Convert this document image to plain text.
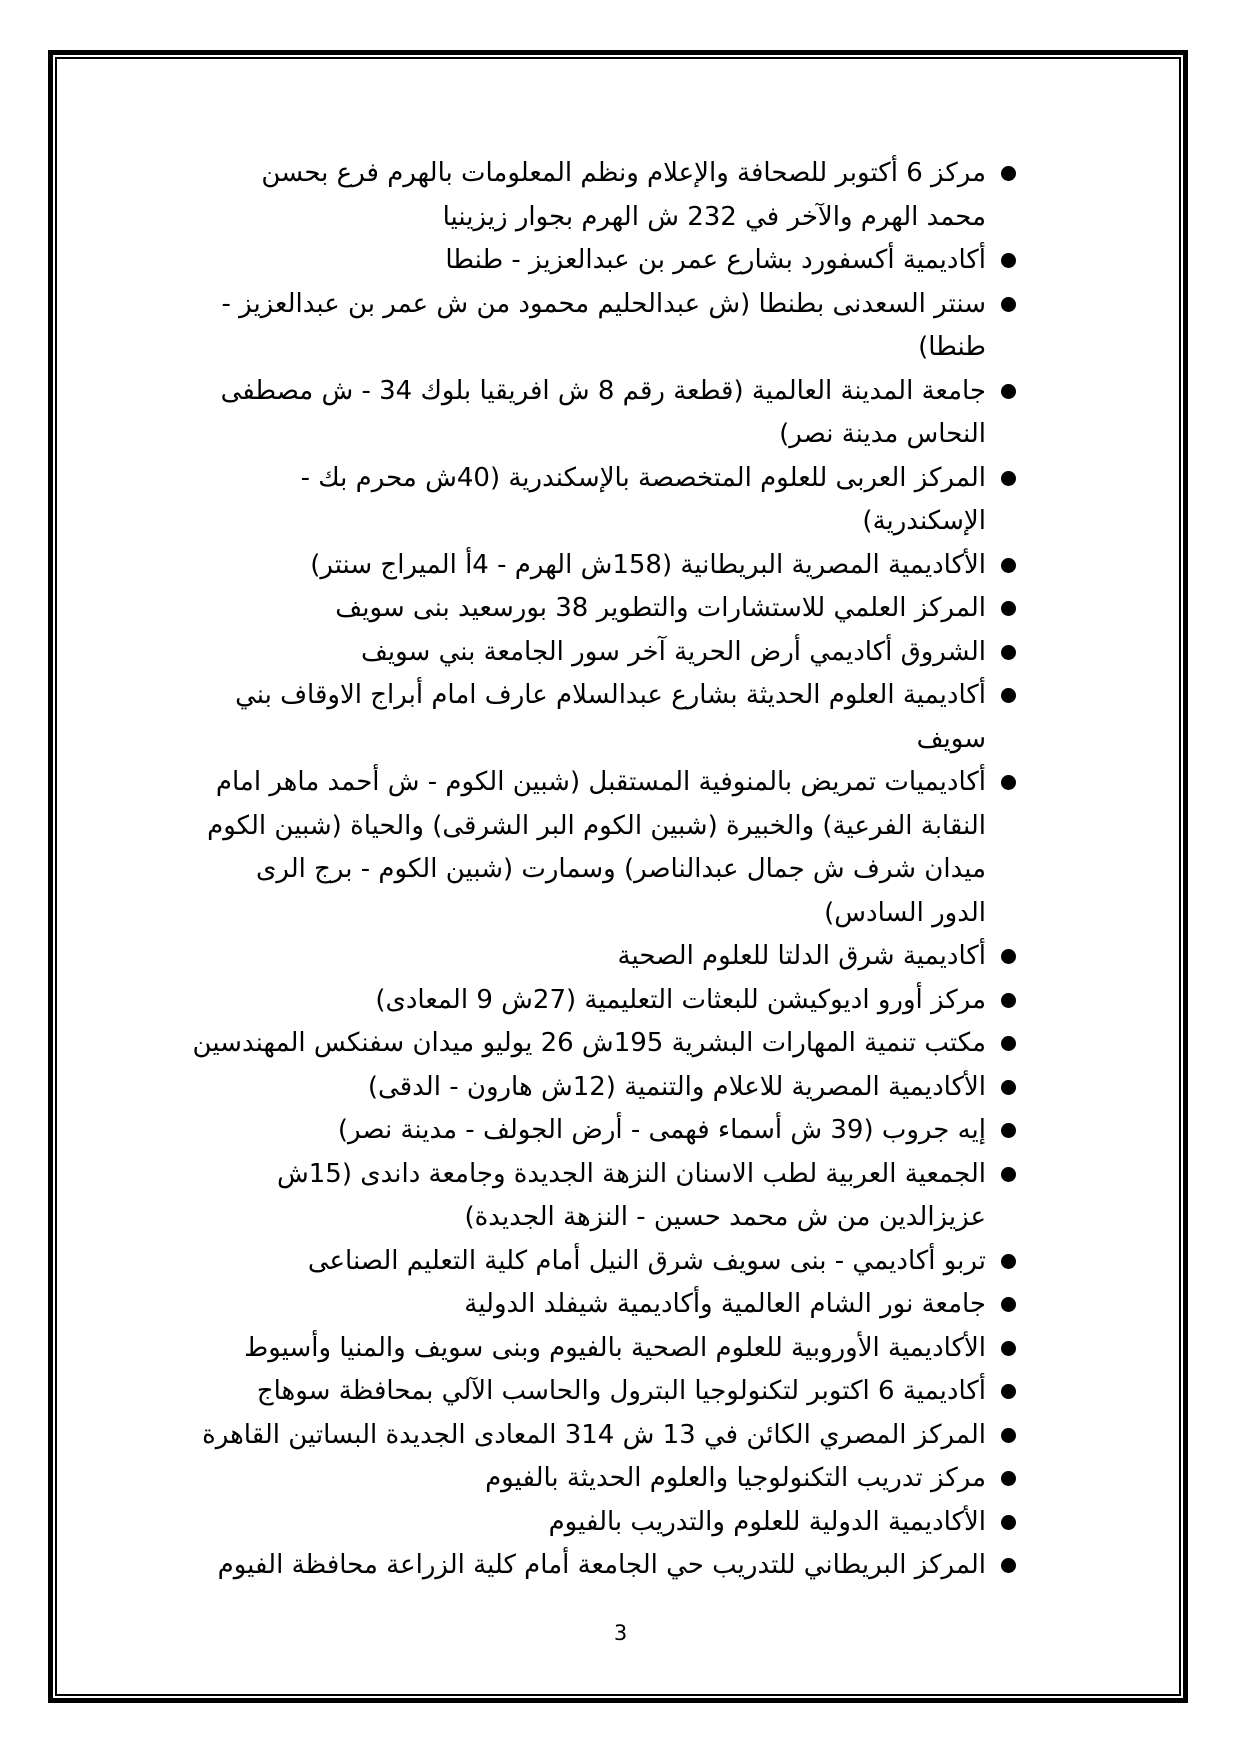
مركز 6 أكتوبر للصحافة والإعلام ونظم المعلومات بالهرم فرع بحسن
محمد الهرم والآخر في 232 ش الهرم بجوار زيزينيا
أكاديمية أكسفورد بشارع عمر بن عبدالعزيز - طنطا
سنتر السعدنى بطنطا (ش عبدالحليم محمود من ش عمر بن عبدالعزيز -
طنطا)
جامعة المدينة العالمية (قطعة رقم 8 ش افريقيا بلوك 34 - ش مصطفى
النحاس مدينة نصر)
المركز العربى للعلوم المتخصصة بالإسكندرية (40ش محرم بك -
الإسكندرية)
الأكاديمية المصرية البريطانية (158ش الهرم - 4أ الميراج سنتر)
المركز العلمي للاستشارات والتطوير 38 بورسعيد بنى سويف
الشروق أكاديمي أرض الحرية آخر سور الجامعة بني سويف
أكاديمية العلوم الحديثة بشارع عبدالسلام عارف امام أبراج الاوقاف بني
سويف
أكاديميات تمريض بالمنوفية المستقبل (شبين الكوم - ش أحمد ماهر امام
النقابة الفرعية) والخبيرة (شبين الكوم البر الشرقى) والحياة (شبين الكوم
ميدان شرف ش جمال عبدالناصر) وسمارت (شبين الكوم - برج الرى
الدور السادس)
أكاديمية شرق الدلتا للعلوم الصحية
مركز أورو اديوكيشن للبعثات التعليمية (27ش 9 المعادى)
مكتب تنمية المهارات البشرية 195ش 26 يوليو ميدان سفنكس المهندسين
الأكاديمية المصرية للاعلام والتنمية (12ش هارون - الدقى)
إيه جروب (39 ش أسماء فهمى - أرض الجولف - مدينة نصر)
الجمعية العربية لطب الاسنان النزهة الجديدة وجامعة داندى (15ش
عزيزالدين من ش محمد حسين - النزهة الجديدة)
تربو أكاديمي - بنى سويف شرق النيل أمام كلية التعليم الصناعى
جامعة نور الشام العالمية وأكاديمية شيفلد الدولية
الأكاديمية الأوروبية للعلوم الصحية بالفيوم وبنى سويف والمنيا وأسيوط
أكاديمية 6 اكتوبر لتكنولوجيا البترول والحاسب الآلي بمحافظة سوهاج
المركز المصري الكائن في 13 ش 314 المعادى الجديدة البساتين القاهرة
مركز تدريب التكنولوجيا والعلوم الحديثة بالفيوم
الأكاديمية الدولية للعلوم والتدريب بالفيوم
المركز البريطاني للتدريب حي الجامعة أمام كلية الزراعة محافظة الفيوم
3
